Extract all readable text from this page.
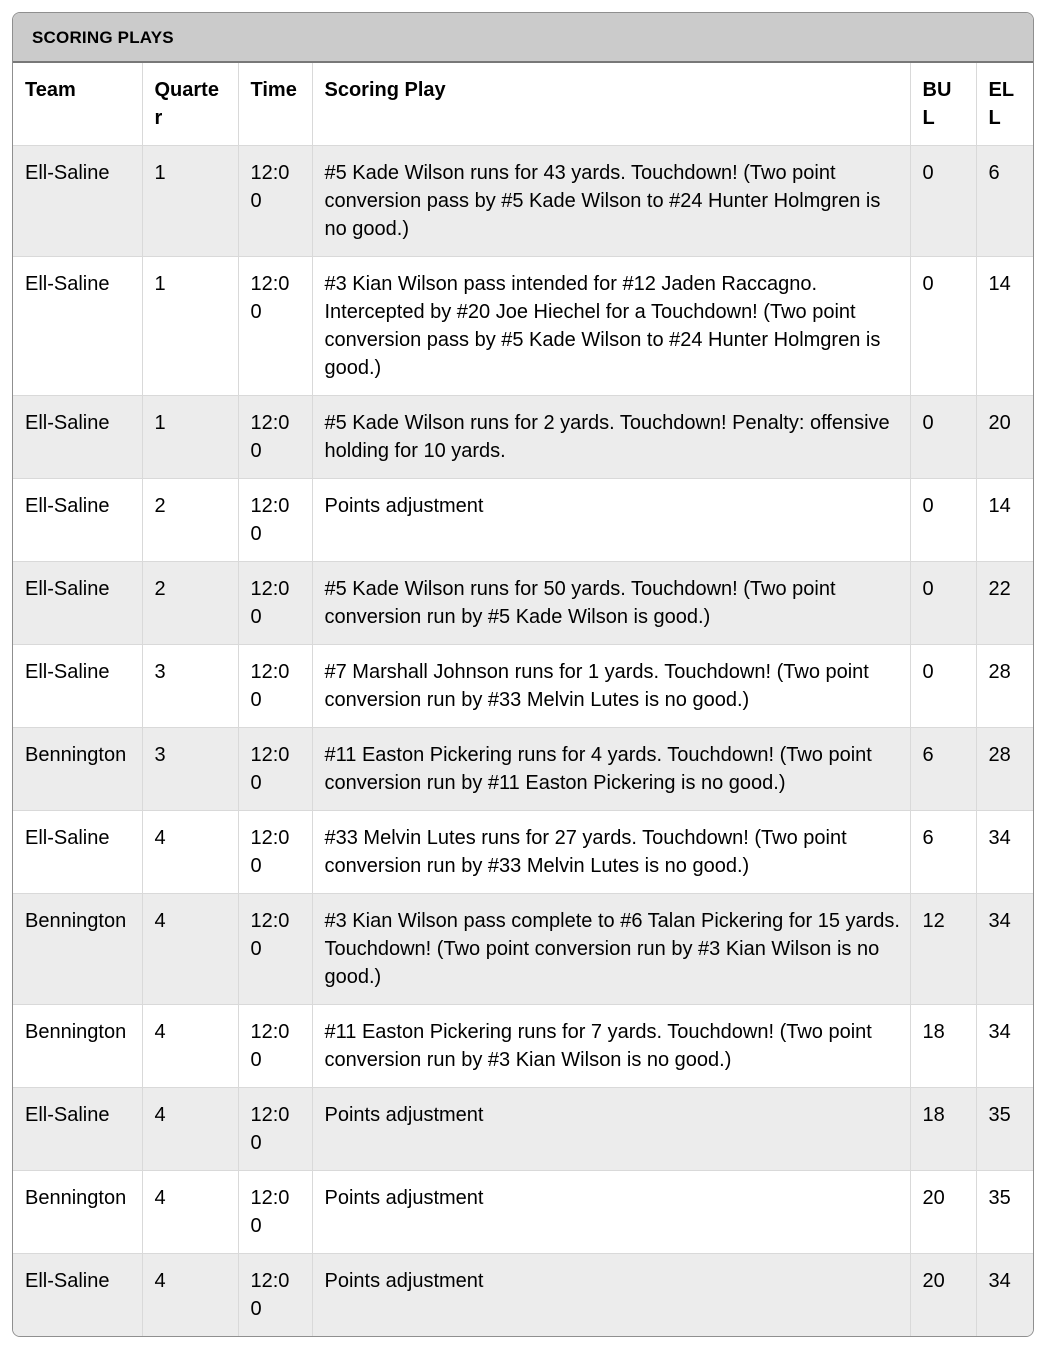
SCORING PLAYS
Team	Quarter	Time	Scoring Play	BUL	ELL
Ell-Saline	1	12:00	#5 Kade Wilson runs for 43 yards. Touchdown! (Two point conversion pass by #5 Kade Wilson to #24 Hunter Holmgren is no good.)	0	6
Ell-Saline	1	12:00	#3 Kian Wilson pass intended for #12 Jaden Raccagno. Intercepted by #20 Joe Hiechel for a Touchdown! (Two point conversion pass by #5 Kade Wilson to #24 Hunter Holmgren is good.)	0	14
Ell-Saline	1	12:00	#5 Kade Wilson runs for 2 yards. Touchdown! Penalty: offensive holding for 10 yards.	0	20
Ell-Saline	2	12:00	Points adjustment	0	14
Ell-Saline	2	12:00	#5 Kade Wilson runs for 50 yards. Touchdown! (Two point conversion run by #5 Kade Wilson is good.)	0	22
Ell-Saline	3	12:00	#7 Marshall Johnson runs for 1 yards. Touchdown! (Two point conversion run by #33 Melvin Lutes is no good.)	0	28
Bennington	3	12:00	#11 Easton Pickering runs for 4 yards. Touchdown! (Two point conversion run by #11 Easton Pickering is no good.)	6	28
Ell-Saline	4	12:00	#33 Melvin Lutes runs for 27 yards. Touchdown! (Two point conversion run by #33 Melvin Lutes is no good.)	6	34
Bennington	4	12:00	#3 Kian Wilson pass complete to #6 Talan Pickering for 15 yards. Touchdown! (Two point conversion run by #3 Kian Wilson is no good.)	12	34
Bennington	4	12:00	#11 Easton Pickering runs for 7 yards. Touchdown! (Two point conversion run by #3 Kian Wilson is no good.)	18	34
Ell-Saline	4	12:00	Points adjustment	18	35
Bennington	4	12:00	Points adjustment	20	35
Ell-Saline	4	12:00	Points adjustment	20	34
